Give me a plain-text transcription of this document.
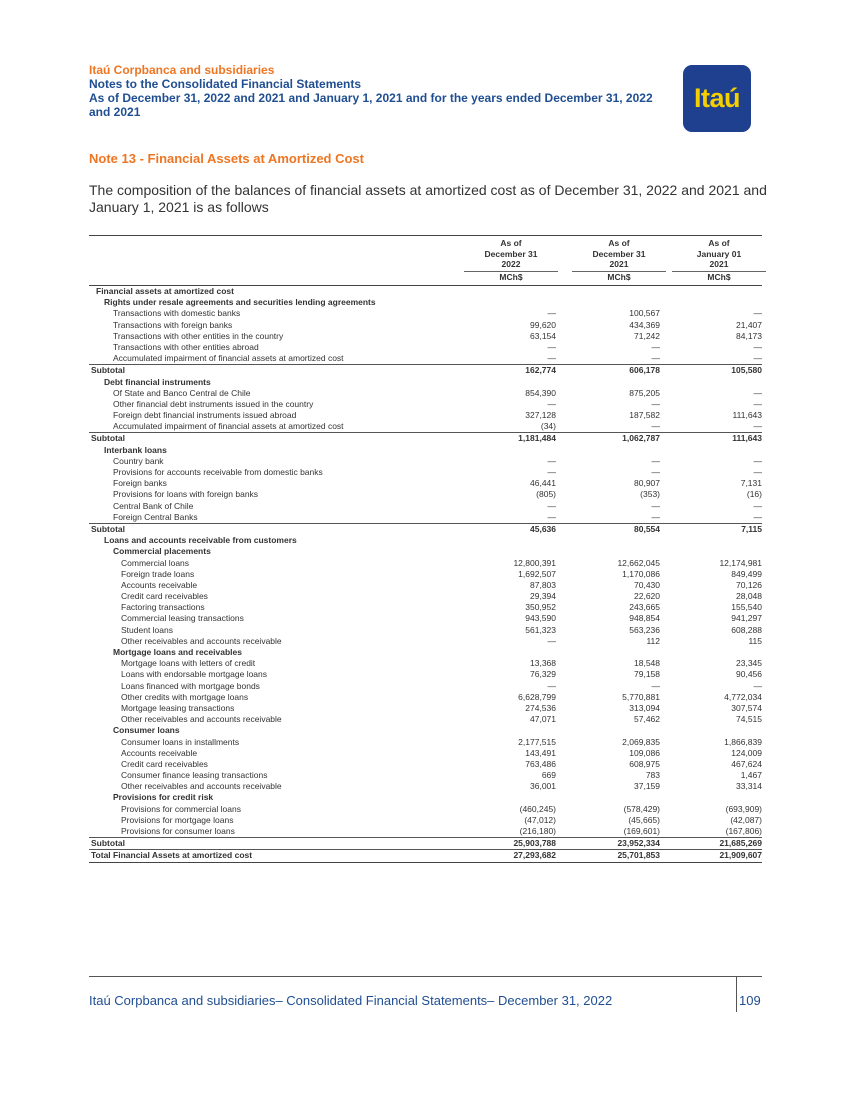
Itaú Corpbanca and subsidiaries
Notes to the Consolidated Financial Statements
As of December 31, 2022 and 2021 and January 1, 2021 and for the years ended December 31, 2022
and 2021	Itaú
Note 13 - Financial Assets at Amortized Cost
The composition of the balances of financial assets at amortized cost as of December 31, 2022 and 2021 and January 1, 2021 is as follows
As of
December 31
2022
MCh$
As of
December 31
2021
MCh$
As of
January 01
2021
MCh$
Financial assets at amortized cost
Rights under resale agreements and securities lending agreements
Transactions with domestic banks	—	100,567	—
Transactions with foreign banks	99,620	434,369	21,407
Transactions with other entities in the country	63,154	71,242	84,173
Transactions with other entities abroad	—	—	—
Accumulated impairment of financial assets at amortized cost	—	—	—
Subtotal	162,774	606,178	105,580
Debt financial instruments
Of State and Banco Central de Chile	854,390	875,205	—
Other financial debt instruments issued in the country	—	—	—
Foreign debt financial instruments issued abroad	327,128	187,582	111,643
Accumulated impairment of financial assets at amortized cost	(34)	—	—
Subtotal	1,181,484	1,062,787	111,643
Interbank loans
Country bank	—	—	—
Provisions for accounts receivable from domestic banks	—	—	—
Foreign banks	46,441	80,907	7,131
Provisions for loans with foreign banks	(805)	(353)	(16)
Central Bank of Chile	—	—	—
Foreign Central Banks	—	—	—
Subtotal	45,636	80,554	7,115
Loans and accounts receivable from customers
Commercial placements
Commercial loans	12,800,391	12,662,045	12,174,981
Foreign trade loans	1,692,507	1,170,086	849,499
Accounts receivable	87,803	70,430	70,126
Credit card receivables	29,394	22,620	28,048
Factoring transactions	350,952	243,665	155,540
Commercial leasing transactions	943,590	948,854	941,297
Student loans	561,323	563,236	608,288
Other receivables and accounts receivable	—	112	115
Mortgage loans and receivables
Mortgage loans with letters of credit	13,368	18,548	23,345
Loans with endorsable mortgage loans	76,329	79,158	90,456
Loans financed with mortgage bonds	—	—	—
Other credits with mortgage loans	6,628,799	5,770,881	4,772,034
Mortgage leasing transactions	274,536	313,094	307,574
Other receivables and accounts receivable	47,071	57,462	74,515
Consumer loans
Consumer loans in installments	2,177,515	2,069,835	1,866,839
Accounts receivable	143,491	109,086	124,009
Credit card receivables	763,486	608,975	467,624
Consumer finance leasing transactions	669	783	1,467
Other receivables and accounts receivable	36,001	37,159	33,314
Provisions for credit risk
Provisions for commercial loans	(460,245)	(578,429)	(693,909)
Provisions for mortgage loans	(47,012)	(45,665)	(42,087)
Provisions for consumer loans	(216,180)	(169,601)	(167,806)
Subtotal	25,903,788	23,952,334	21,685,269
Total Financial Assets at amortized cost	27,293,682	25,701,853	21,909,607
Itaú Corpbanca and subsidiaries– Consolidated Financial Statements– December 31, 2022	109
